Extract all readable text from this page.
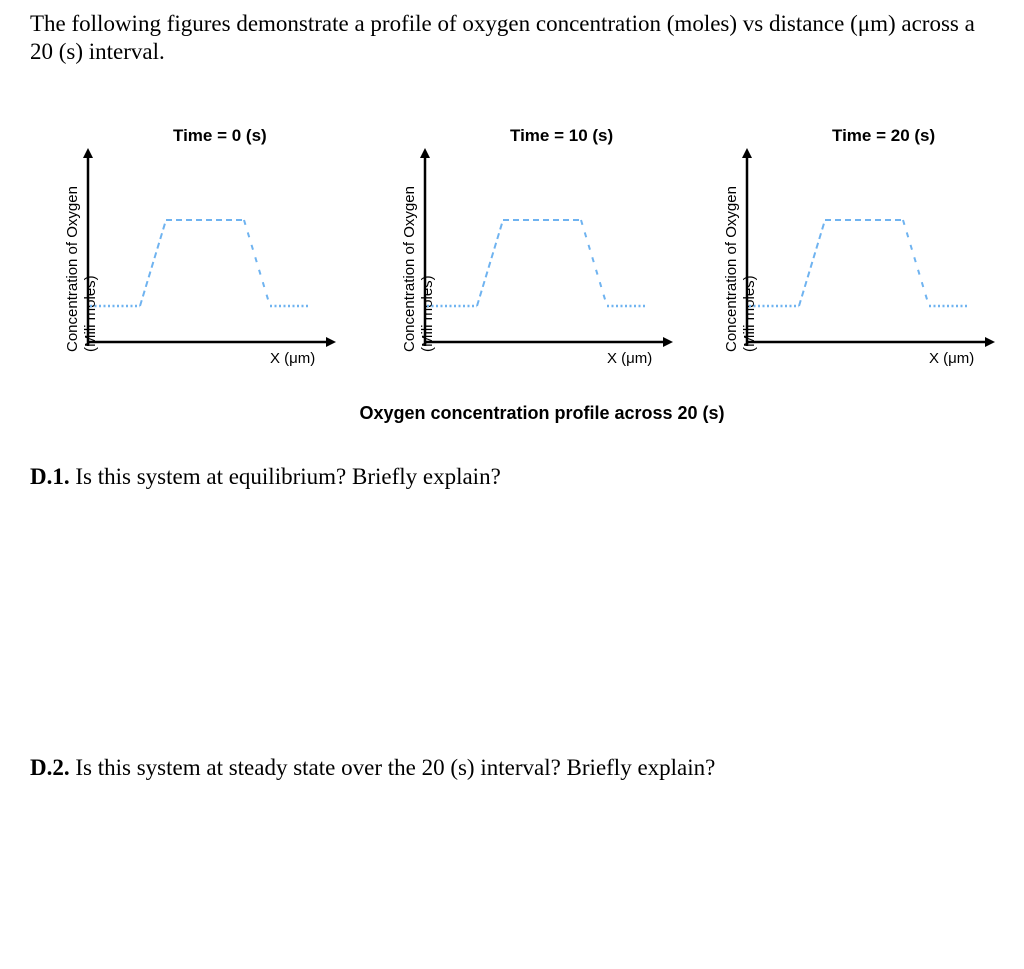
The following figures demonstrate a profile of oxygen concentration (moles) vs distance (μm) across a 20 (s) interval.

Concentration of Oxygen (Mili moles)
Time = 0 (s)
X (μm)
Concentration of Oxygen (Mili moles)
Time = 10 (s)
X (μm)
Concentration of Oxygen (Mili moles)
Time = 20 (s)
X (μm)
Oxygen concentration profile across 20 (s)

D.1. Is this system at equilibrium? Briefly explain?

D.2. Is this system at steady state over the 20 (s) interval? Briefly explain?
